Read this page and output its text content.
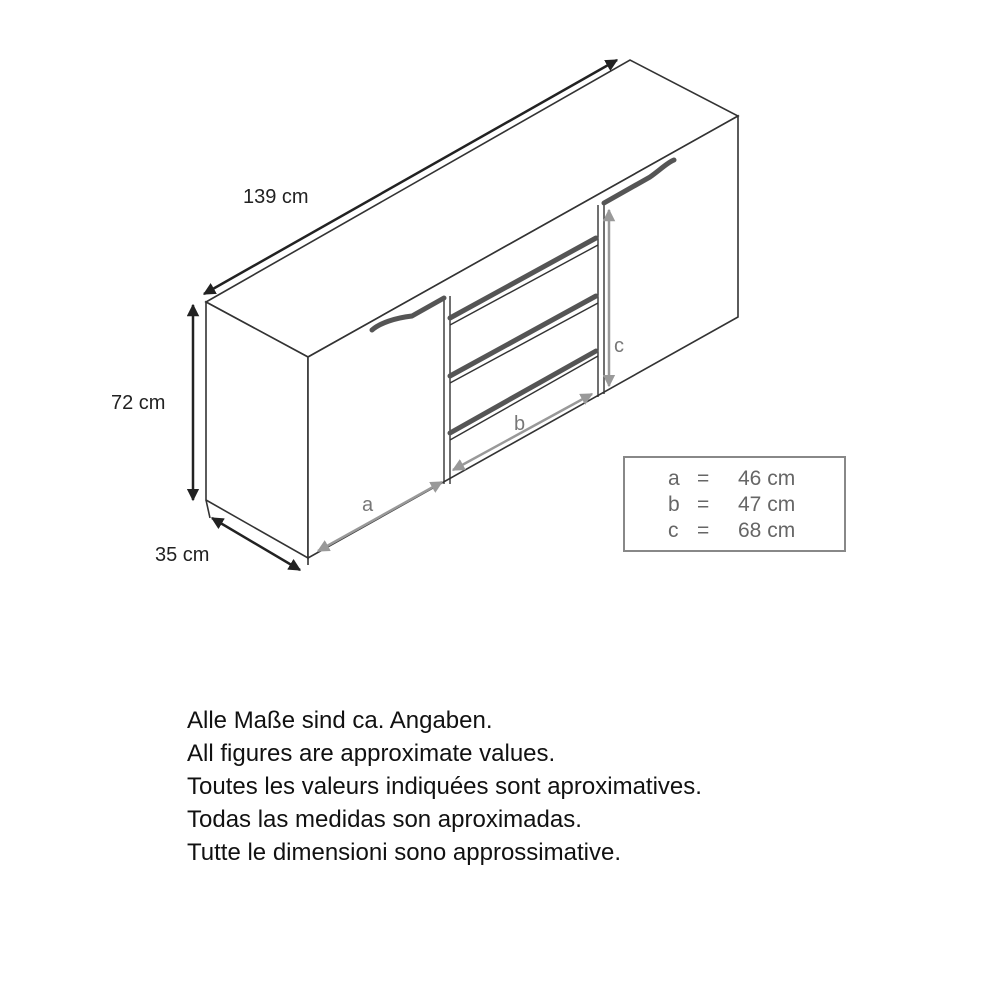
139 cm
72 cm
35 cm
a
b
c
a = 46 cm
b = 47 cm
c = 68 cm
Alle Maße sind ca. Angaben.
All figures are approximate values.
Toutes les valeurs indiquées sont aproximatives.
Todas las medidas son aproximadas.
Tutte le dimensioni sono approssimative.
